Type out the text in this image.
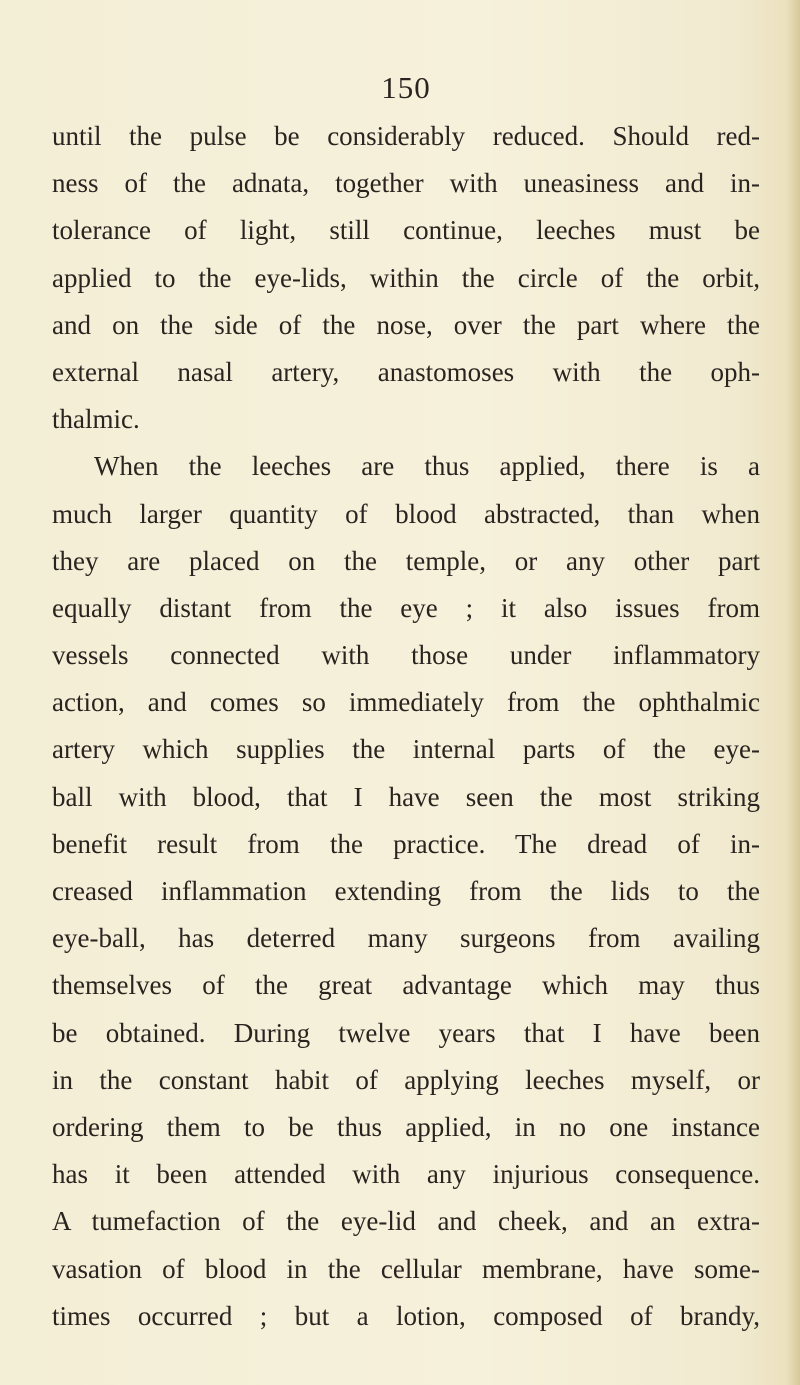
150
until the pulse be considerably reduced. Should red-
ness of the adnata, together with uneasiness and in-
tolerance of light, still continue, leeches must be
applied to the eye-lids, within the circle of the orbit,
and on the side of the nose, over the part where the
external nasal artery, anastomoses with the oph-
thalmic.
When the leeches are thus applied, there is a
much larger quantity of blood abstracted, than when
they are placed on the temple, or any other part
equally distant from the eye ; it also issues from
vessels connected with those under inflammatory
action, and comes so immediately from the ophthalmic
artery which supplies the internal parts of the eye-
ball with blood, that I have seen the most striking
benefit result from the practice. The dread of in-
creased inflammation extending from the lids to the
eye-ball, has deterred many surgeons from availing
themselves of the great advantage which may thus
be obtained. During twelve years that I have been
in the constant habit of applying leeches myself, or
ordering them to be thus applied, in no one instance
has it been attended with any injurious consequence.
A tumefaction of the eye-lid and cheek, and an extra-
vasation of blood in the cellular membrane, have some-
times occurred ; but a lotion, composed of brandy,
